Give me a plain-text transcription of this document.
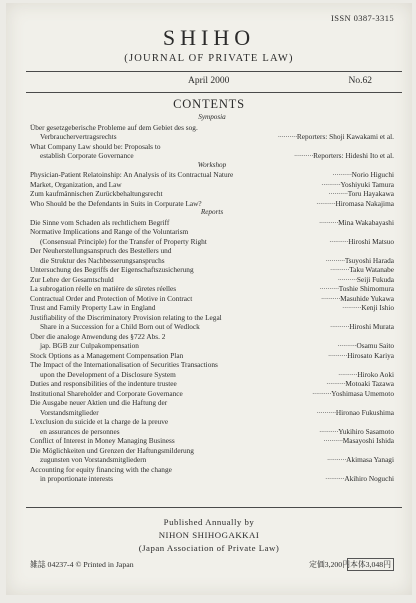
ISSN 0387-3315
SHIHO
(JOURNAL OF PRIVATE LAW)
April 2000	No.62
CONTENTS
Symposia
Über gesetzgeberische Probleme auf dem Gebiet des sog.
Verbrauchervertragsrechts	··········Reporters: Shoji Kawakami et al.
What Company Law should be: Proposals to
establish Corporate Governance	··········Reporters: Hideshi Ito et al.
Workshop
Physician-Patient Relatoinship: An Analysis of its Contractual Nature	··········Norio Higuchi
Market, Organization, and Law	··········Yoshiyuki Tamura
Zum kaufmännischen Zurückbehaltungsrecht	··········Toru Hayakawa
Who Should be the Defendants in Suits in Corpurate Law?	··········Hiromasa Nakajima
Reports
Die Sinne vom Schaden als rechtlichem Begriff	··········Mina Wakabayashi
Normative Implications and Range of the Voluntarism
(Consensual Principle) for the Transfer of Property Right	··········Hiroshi Matsuo
Der Neuherstellungsanspruch des Bestellers und
die Struktur des Nachbesserungsanspruchs	··········Tsuyoshi Harada
Untersuchung des Begriffs der Eigenschaftszusicherung	··········Taku Watanabe
Zur Lehre der Gesamtschuld	··········Seiji Fukuda
La subrogation réelle en matière de sûretes réelles	··········Toshie Shimomura
Contractual Order and Protection of Motive in Contract	··········Masuhide Yukawa
Trust and Family Property Law in England	··········Kenji Ishio
Justifiability of the Discriminatory Provision relating to the Legal
Share in a Succession for a Child Born out of Wedlock	··········Hiroshi Murata
Über die analoge Anwendung des §722 Abs. 2
jap. BGB zur Culpakompensation	··········Osamu Saito
Stock Options as a Management Compensation Plan	··········Hirosato Kariya
The Impact of the Internationalisation of Securities Transactions
upon the Development of a Disclosure System	··········Hiroko Aoki
Duties and responsibilities of the indenture trustee	··········Motoaki Tazawa
Institutional Shareholder and Corporate Governance	··········Yoshimasa Umemoto
Die Ausgabe neuer Aktien und die Haftung der
Vorstandsmitglieder	··········Hironao Fukushima
L'exclusion du suicide et la charge de la preuve
en assurances de personnes	··········Yukihiro Sasamoto
Conflict of Interest in Money Managing Business	··········Masayoshi Ishida
Die Möglichkeiten und Grenzen der Haftungsmilderung
zugunsten von Vorstandsmitgliedern	··········Akimasa Yanagi
Accounting for equity financing with the change
in proportionate interests	··········Akihiro Noguchi
Published Annually by
NIHON SHIHOGAKKAI
(Japan Association of Private Law)
雑誌 04237-4 © Printed in Japan	定価3,200円 本体3,048円
